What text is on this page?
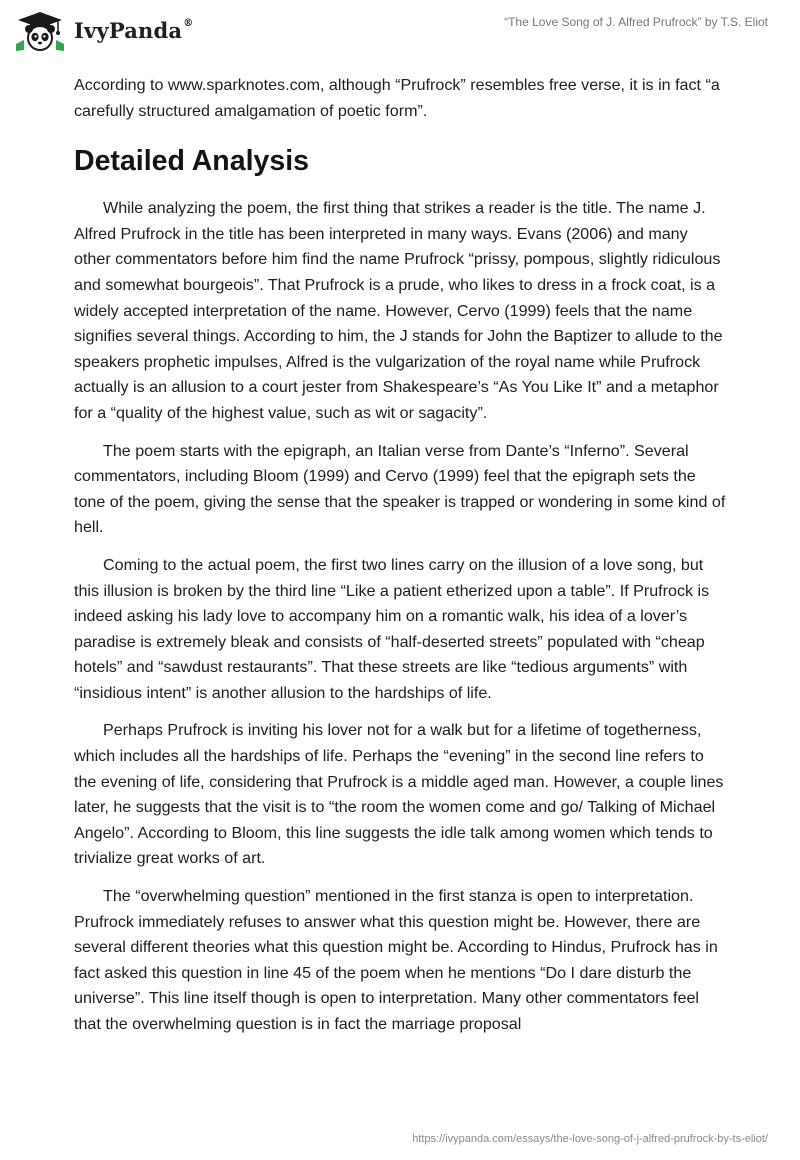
IvyPanda®	“The Love Song of J. Alfred Prufrock” by T.S. Eliot

According to www.sparknotes.com, although “Prufrock” resembles free verse, it is in fact “a carefully structured amalgamation of poetic form”.

Detailed Analysis

While analyzing the poem, the first thing that strikes a reader is the title. The name J. Alfred Prufrock in the title has been interpreted in many ways. Evans (2006) and many other commentators before him find the name Prufrock “prissy, pompous, slightly ridiculous and somewhat bourgeois”. That Prufrock is a prude, who likes to dress in a frock coat, is a widely accepted interpretation of the name. However, Cervo (1999) feels that the name signifies several things. According to him, the J stands for John the Baptizer to allude to the speakers prophetic impulses, Alfred is the vulgarization of the royal name while Prufrock actually is an allusion to a court jester from Shakespeare’s “As You Like It” and a metaphor for a “quality of the highest value, such as wit or sagacity”.

The poem starts with the epigraph, an Italian verse from Dante’s “Inferno”. Several commentators, including Bloom (1999) and Cervo (1999) feel that the epigraph sets the tone of the poem, giving the sense that the speaker is trapped or wondering in some kind of hell.

Coming to the actual poem, the first two lines carry on the illusion of a love song, but this illusion is broken by the third line “Like a patient etherized upon a table”. If Prufrock is indeed asking his lady love to accompany him on a romantic walk, his idea of a lover’s paradise is extremely bleak and consists of “half-deserted streets” populated with “cheap hotels” and “sawdust restaurants”. That these streets are like “tedious arguments” with “insidious intent” is another allusion to the hardships of life.

Perhaps Prufrock is inviting his lover not for a walk but for a lifetime of togetherness, which includes all the hardships of life. Perhaps the “evening” in the second line refers to the evening of life, considering that Prufrock is a middle aged man. However, a couple lines later, he suggests that the visit is to “the room the women come and go/ Talking of Michael Angelo”. According to Bloom, this line suggests the idle talk among women which tends to trivialize great works of art.

The “overwhelming question” mentioned in the first stanza is open to interpretation. Prufrock immediately refuses to answer what this question might be. However, there are several different theories what this question might be. According to Hindus, Prufrock has in fact asked this question in line 45 of the poem when he mentions “Do I dare disturb the universe”. This line itself though is open to interpretation. Many other commentators feel that the overwhelming question is in fact the marriage proposal

https://ivypanda.com/essays/the-love-song-of-j-alfred-prufrock-by-ts-eliot/
